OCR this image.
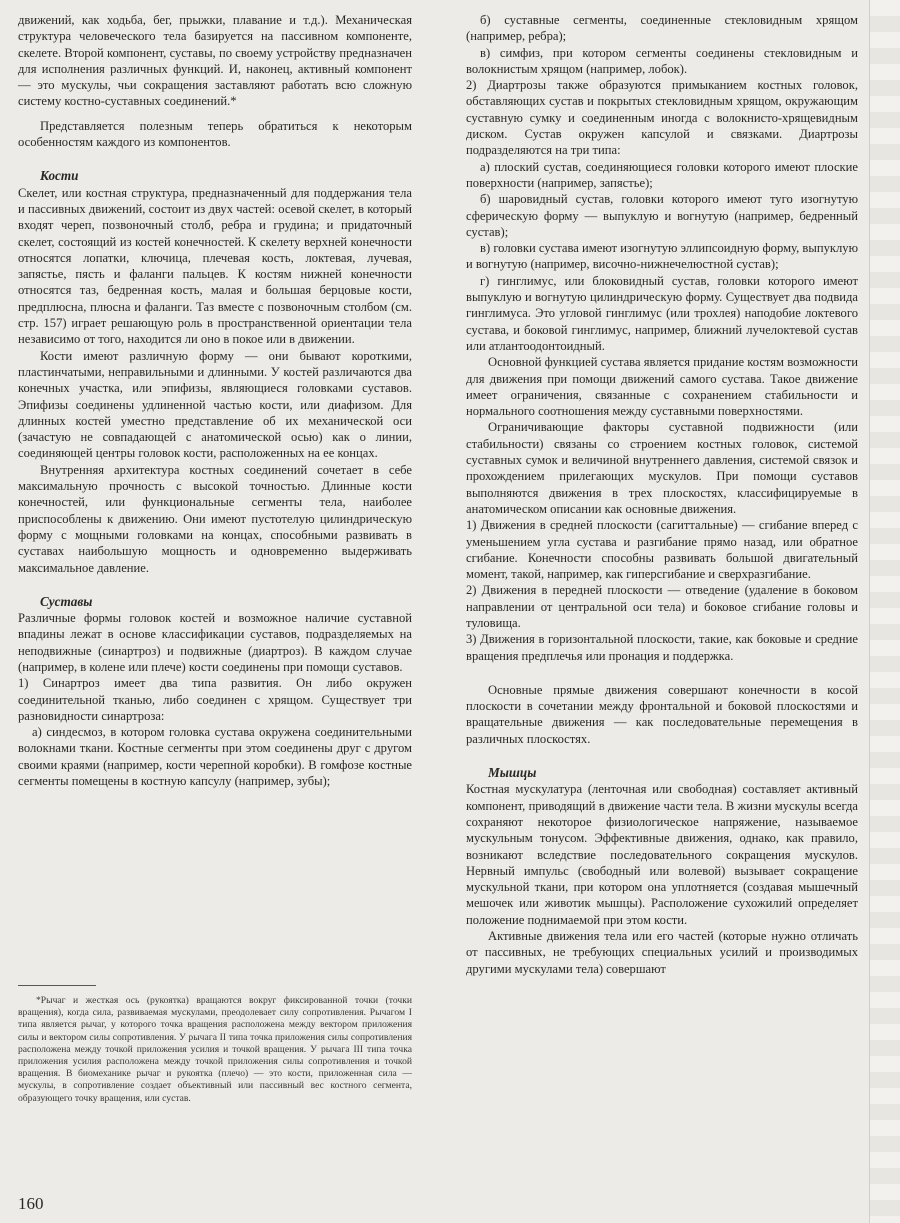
движений, как ходьба, бег, прыжки, плавание и т.д.). Механическая структура человеческого тела базируется на пассивном компоненте, скелете. Второй компонент, суставы, по своему устройству предназначен для исполнения различных функций. И, наконец, активный компонент — это мускулы, чьи сокращения заставляют работать всю сложную систему костно-суставных соединений.*

Представляется полезным теперь обратиться к некоторым особенностям каждого из компонентов.

Кости

Скелет, или костная структура, предназначенный для поддержания тела и пассивных движений, состоит из двух частей: осевой скелет, в который входят череп, позвоночный столб, ребра и грудина; и придаточный скелет, состоящий из костей конечностей. К скелету верхней конечности относятся лопатки, ключица, плечевая кость, локтевая, лучевая, запястье, пясть и фаланги пальцев. К костям нижней конечности относятся таз, бедренная кость, малая и большая берцовые кости, предплюсна, плюсна и фаланги. Таз вместе с позвоночным столбом (см. стр. 157) играет решающую роль в пространственной ориентации тела независимо от того, находится ли оно в покое или в движении.

Кости имеют различную форму — они бывают короткими, пластинчатыми, неправильными и длинными. У костей различаются два конечных участка, или эпифизы, являющиеся головками суставов. Эпифизы соединены удлиненной частью кости, или диафизом. Для длинных костей уместно представление об их механической оси (зачастую не совпадающей с анатомической осью) как о линии, соединяющей центры головок кости, расположенных на ее концах.

Внутренняя архитектура костных соединений сочетает в себе максимальную прочность с высокой точностью. Длинные кости конечностей, или функциональные сегменты тела, наиболее приспособлены к движению. Они имеют пустотелую цилиндрическую форму с мощными головками на концах, способными развивать в суставах наибольшую мощность и одновременно выдерживать максимальное давление.

Суставы

Различные формы головок костей и возможное наличие суставной впадины лежат в основе классификации суставов, подразделяемых на неподвижные (синартроз) и подвижные (диартроз). В каждом случае (например, в колене или плече) кости соединены при помощи суставов.

1) Синартроз имеет два типа развития. Он либо окружен соединительной тканью, либо соединен с хрящом. Существует три разновидности синартроза:

а) синдесмоз, в котором головка сустава окружена соединительными волокнами ткани. Костные сегменты при этом соединены друг с другом своими краями (например, кости черепной коробки). В гомфозе костные сегменты помещены в костную капсулу (например, зубы);

*Рычаг и жесткая ось (рукоятка) вращаются вокруг фиксированной точки (точки вращения), когда сила, развиваемая мускулами, преодолевает силу сопротивления. Рычагом I типа является рычаг, у которого точка вращения расположена между вектором приложения силы и вектором силы сопротивления. У рычага II типа точка приложения силы сопротивления расположена между точкой приложения усилия и точкой вращения. У рычага III типа точка приложения усилия расположена между точкой приложения силы сопротивления и точкой вращения. В биомеханике рычаг и рукоятка (плечо) — это кости, приложенная сила — мускулы, в сопротивление создает объективный или пассивный вес костного сегмента, образующего точку вращения, или сустав.

160

б) суставные сегменты, соединенные стекловидным хрящом (например, ребра);

в) симфиз, при котором сегменты соединены стекловидным и волокнистым хрящом (например, лобок).

2) Диартрозы также образуются примыканием костных головок, обставляющих сустав и покрытых стекловидным хрящом, окружающим суставную сумку и соединенным иногда с волокнисто-хрящевидным диском. Сустав окружен капсулой и связками. Диартрозы подразделяются на три типа:

а) плоский сустав, соединяющиеся головки которого имеют плоские поверхности (например, запястье);

б) шаровидный сустав, головки которого имеют туго изогнутую сферическую форму — выпуклую и вогнутую (например, бедренный сустав);

в) головки сустава имеют изогнутую эллипсоидную форму, выпуклую и вогнутую (например, височно-нижнечелюстной сустав);

г) гинглимус, или блоковидный сустав, головки которого имеют выпуклую и вогнутую цилиндрическую форму. Существует два подвида гинглимуса. Это угловой гинглимус (или трохлея) наподобие локтевого сустава, и боковой гинглимус, например, ближний лучелоктевой сустав или атлантоодонтоидный.

Основной функцией сустава является придание костям возможности для движения при помощи движений самого сустава. Такое движение имеет ограничения, связанные с сохранением стабильности и нормального соотношения между суставными поверхностями.

Ограничивающие факторы суставной подвижности (или стабильности) связаны со строением костных головок, системой суставных сумок и величиной внутреннего давления, системой связок и прохождением прилегающих мускулов. При помощи суставов выполняются движения в трех плоскостях, классифицируемые в анатомическом описании как основные движения.

1) Движения в средней плоскости (сагиттальные) — сгибание вперед с уменьшением угла сустава и разгибание прямо назад, или обратное сгибание. Конечности способны развивать большой двигательный момент, такой, например, как гиперсгибание и сверхразгибание.

2) Движения в передней плоскости — отведение (удаление в боковом направлении от центральной оси тела) и боковое сгибание головы и туловища.

3) Движения в горизонтальной плоскости, такие, как боковые и средние вращения предплечья или пронация и поддержка.

Основные прямые движения совершают конечности в косой плоскости в сочетании между фронтальной и боковой плоскостями и вращательные движения — как последовательные перемещения в различных плоскостях.

Мышцы

Костная мускулатура (ленточная или свободная) составляет активный компонент, приводящий в движение части тела. В жизни мускулы всегда сохраняют некоторое физиологическое напряжение, называемое мускульным тонусом. Эффективные движения, однако, как правило, возникают вследствие последовательного сокращения мускулов. Нервный импульс (свободный или волевой) вызывает сокращение мускульной ткани, при котором она уплотняется (создавая мышечный мешочек или животик мышцы). Расположение сухожилий определяет положение поднимаемой при этом кости.

Активные движения тела или его частей (которые нужно отличать от пассивных, не требующих специальных усилий и производимых другими мускулами тела) совершают
